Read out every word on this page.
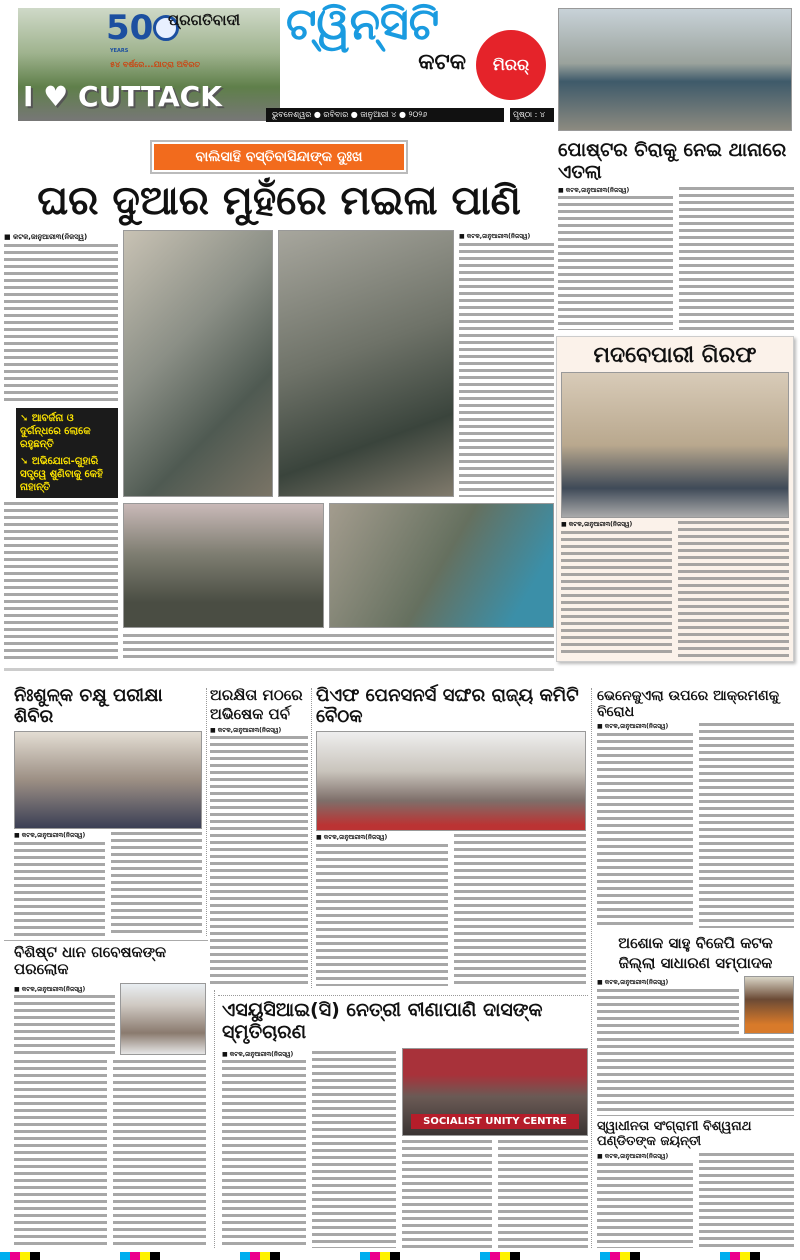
I ♥ CUTTACK
50
YEARS
୫୪ ବର୍ଷରେ...ଯାତ୍ରା ଅବିରତ
ପ୍ରଗତିବାଦୀ	ଟ୍ୱିନ୍‌ସିଟି
କଟକ ମିରର୍
ଭୁବନେଶ୍ୱର ● ରବିବାର ● ଜାନୁଆରୀ ୪ ● ୨୦୨୬	ପୃଷ୍ଠା : ୪
ବାଲିସାହି ବସ୍ତିବାସିନ୍ଦାଙ୍କ ଦୁଃଖ
ଘର ଦୁଆର ମୁହଁରେ ମଇଳା ପାଣି
■ କଟକ,ଜାନୁଆରୀ୩(ନିଜସ୍ୱ)
➘ ଆବର୍ଜନା ଓ ଦୁର୍ଗନ୍ଧରେ ଲୋକେ ରହୁଛନ୍ତି
➘ ଅଭିଯୋଗ-ଗୁହାରି ସତ୍ତ୍ୱେ ଶୁଣିବାକୁ କେହି ନାହାନ୍ତି
■ କଟକ,ଜାନୁଆରୀ୩(ନିଜସ୍ୱ)
ପୋଷ୍ଟର ଚିରାକୁ ନେଇ ଥାନାରେ ଏତଲା
■ କଟକ,ଜାନୁଆରୀ୩(ନିଜସ୍ୱ)
ମଦବେପାରୀ ଗିରଫ
■ କଟକ,ଜାନୁଆରୀ୩(ନିଜସ୍ୱ)
ନିଃଶୁଳ୍କ ଚକ୍ଷୁ ପରୀକ୍ଷା ଶିବିର
■ କଟକ,ଜାନୁଆରୀ୩(ନିଜସ୍ୱ)
ଅରକ୍ଷିତା ମଠରେ
ଅଭିଷେକ ପର୍ବ
■ କଟକ,ଜାନୁଆରୀ୩(ନିଜସ୍ୱ)
ପିଏଫ ପେନସନର୍ସ ସଙ୍ଘର ରାଜ୍ୟ କମିଟି ବୈଠକ
■ କଟକ,ଜାନୁଆରୀ୩(ନିଜସ୍ୱ)
ଭେନେଜୁଏଲା ଉପରେ ଆକ୍ରମଣକୁ ବିରୋଧ
■ କଟକ,ଜାନୁଆରୀ୩(ନିଜସ୍ୱ)
ଅଶୋକ ସାହୁ ବିଜେପି କଟକ
ଜିଲ୍ଲା ସାଧାରଣ ସମ୍ପାଦକ
■ କଟକ,ଜାନୁଆରୀ୩(ନିଜସ୍ୱ)
ସ୍ୱାଧୀନତା ସଂଗ୍ରାମୀ ବିଶ୍ୱନାଥ ପଣ୍ଡିତଙ୍କ ଜୟନ୍ତୀ
■ କଟକ,ଜାନୁଆରୀ୩(ନିଜସ୍ୱ)
ବିଶିଷ୍ଟ ଧାନ ଗବେଷକଙ୍କ ପରଲୋକ
■ କଟକ,ଜାନୁଆରୀ୩(ନିଜସ୍ୱ)
ଏସୟୁସିଆଇ(ସି) ନେତ୍ରୀ ବୀଣାପାଣି ଦାସଙ୍କ ସ୍ମୃତିଚାରଣ
■ କଟକ,ଜାନୁଆରୀ୩(ନିଜସ୍ୱ)
SOCIALIST UNITY CENTRE
